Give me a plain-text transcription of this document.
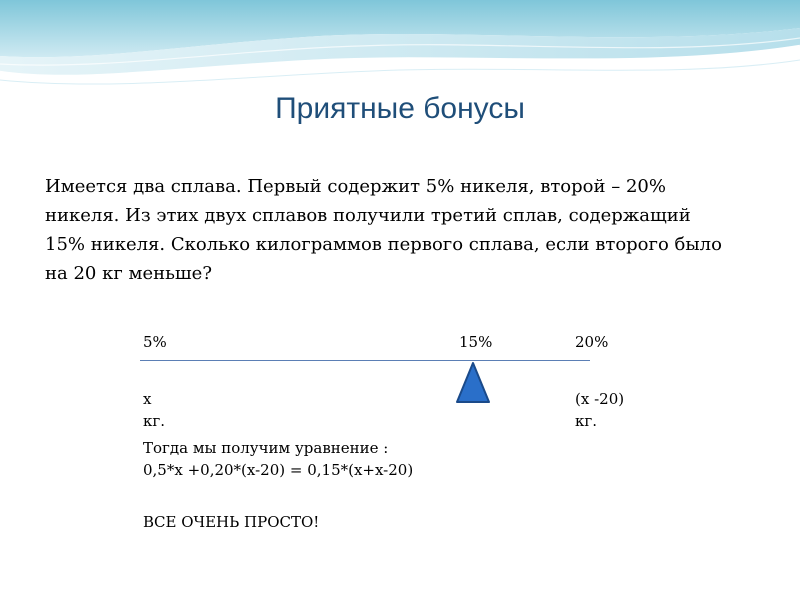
Приятные бонусы
Имеется два сплава. Первый содержит 5% никеля, второй – 20% никеля. Из этих двух сплавов получили третий сплав, содержащий 15% никеля. Сколько килограммов первого сплава, если второго было на 20 кг меньше?
5%	15%	20%
x
кг.
(x -20)
кг.
Тогда мы получим уравнение :
0,5*x +0,20*(x-20) = 0,15*(x+x-20)
ВСЕ ОЧЕНЬ ПРОСТО!
